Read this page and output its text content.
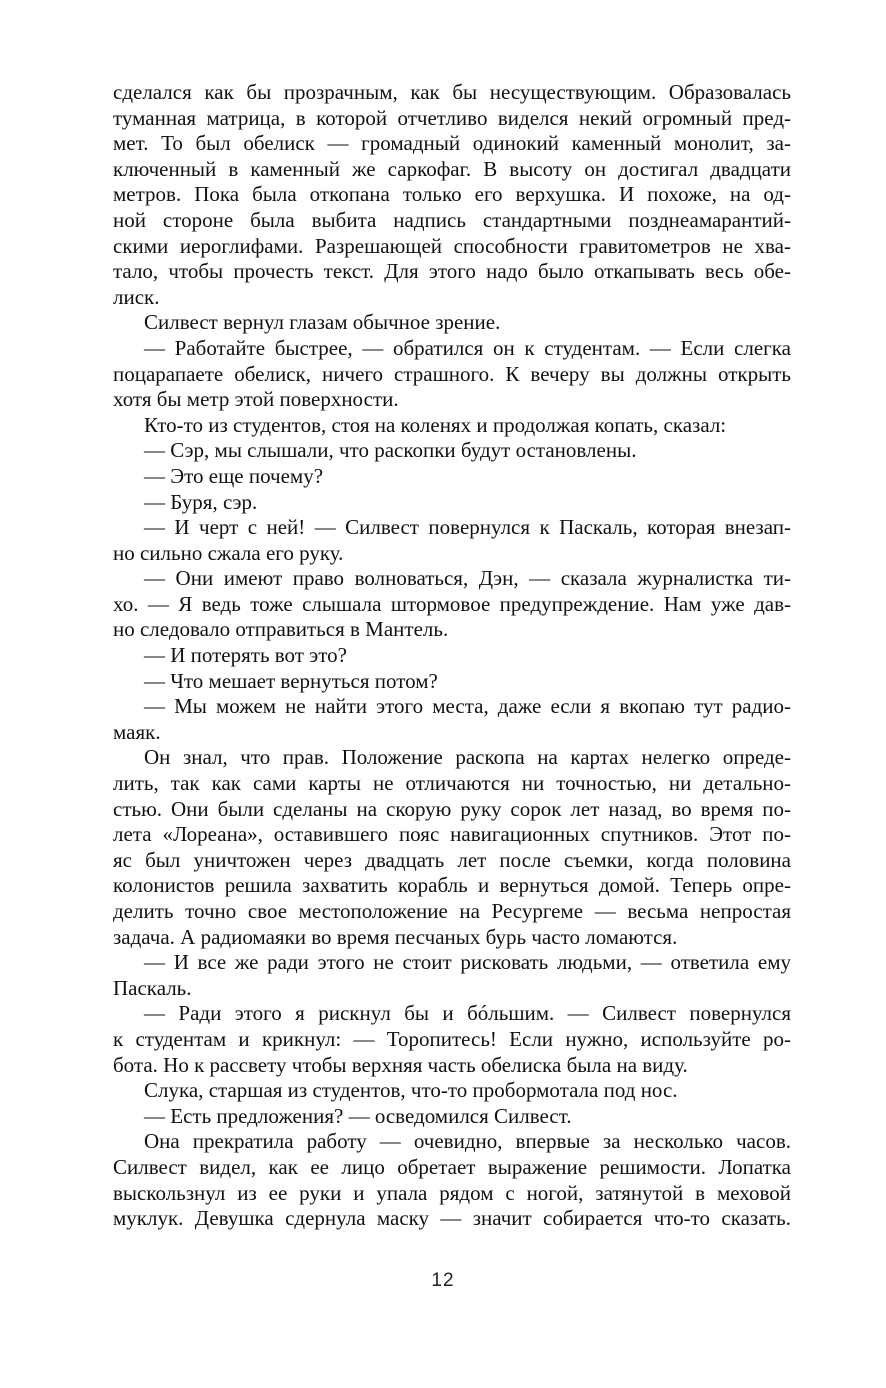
сделался как бы прозрачным, как бы несуществующим. Образовалась
туманная матрица, в которой отчетливо виделся некий огромный пред-
мет. То был обелиск — громадный одинокий каменный монолит, за-
ключенный в каменный же саркофаг. В высоту он достигал двадцати
метров. Пока была откопана только его верхушка. И похоже, на од-
ной стороне была выбита надпись стандартными позднеамарантий-
скими иероглифами. Разрешающей способности гравитометров не хва-
тало, чтобы прочесть текст. Для этого надо было откапывать весь обе-
лиск.
Силвест вернул глазам обычное зрение.
— Работайте быстрее, — обратился он к студентам. — Если слегка
поцарапаете обелиск, ничего страшного. К вечеру вы должны открыть
хотя бы метр этой поверхности.
Кто-то из студентов, стоя на коленях и продолжая копать, сказал:
— Сэр, мы слышали, что раскопки будут остановлены.
— Это еще почему?
— Буря, сэр.
— И черт с ней! — Силвест повернулся к Паскаль, которая внезап-
но сильно сжала его руку.
— Они имеют право волноваться, Дэн, — сказала журналистка ти-
хо. — Я ведь тоже слышала штормовое предупреждение. Нам уже дав-
но следовало отправиться в Мантель.
— И потерять вот это?
— Что мешает вернуться потом?
— Мы можем не найти этого места, даже если я вкопаю тут радио-
маяк.
Он знал, что прав. Положение раскопа на картах нелегко опреде-
лить, так как сами карты не отличаются ни точностью, ни детально-
стью. Они были сделаны на скорую руку сорок лет назад, во время по-
лета «Лореана», оставившего пояс навигационных спутников. Этот по-
яс был уничтожен через двадцать лет после съемки, когда половина
колонистов решила захватить корабль и вернуться домой. Теперь опре-
делить точно свое местоположение на Ресургеме — весьма непростая
задача. А радиомаяки во время песчаных бурь часто ломаются.
— И все же ради этого не стоит рисковать людьми, — ответила ему
Паскаль.
— Ради этого я рискнул бы и бóльшим. — Силвест повернулся
к студентам и крикнул: — Торопитесь! Если нужно, используйте ро-
бота. Но к рассвету чтобы верхняя часть обелиска была на виду.
Слука, старшая из студентов, что-то пробормотала под нос.
— Есть предложения? — осведомился Силвест.
Она прекратила работу — очевидно, впервые за несколько часов.
Силвест видел, как ее лицо обретает выражение решимости. Лопатка
выскользнул из ее руки и упала рядом с ногой, затянутой в меховой
муклук. Девушка сдернула маску — значит собирается что-то сказать.
12
